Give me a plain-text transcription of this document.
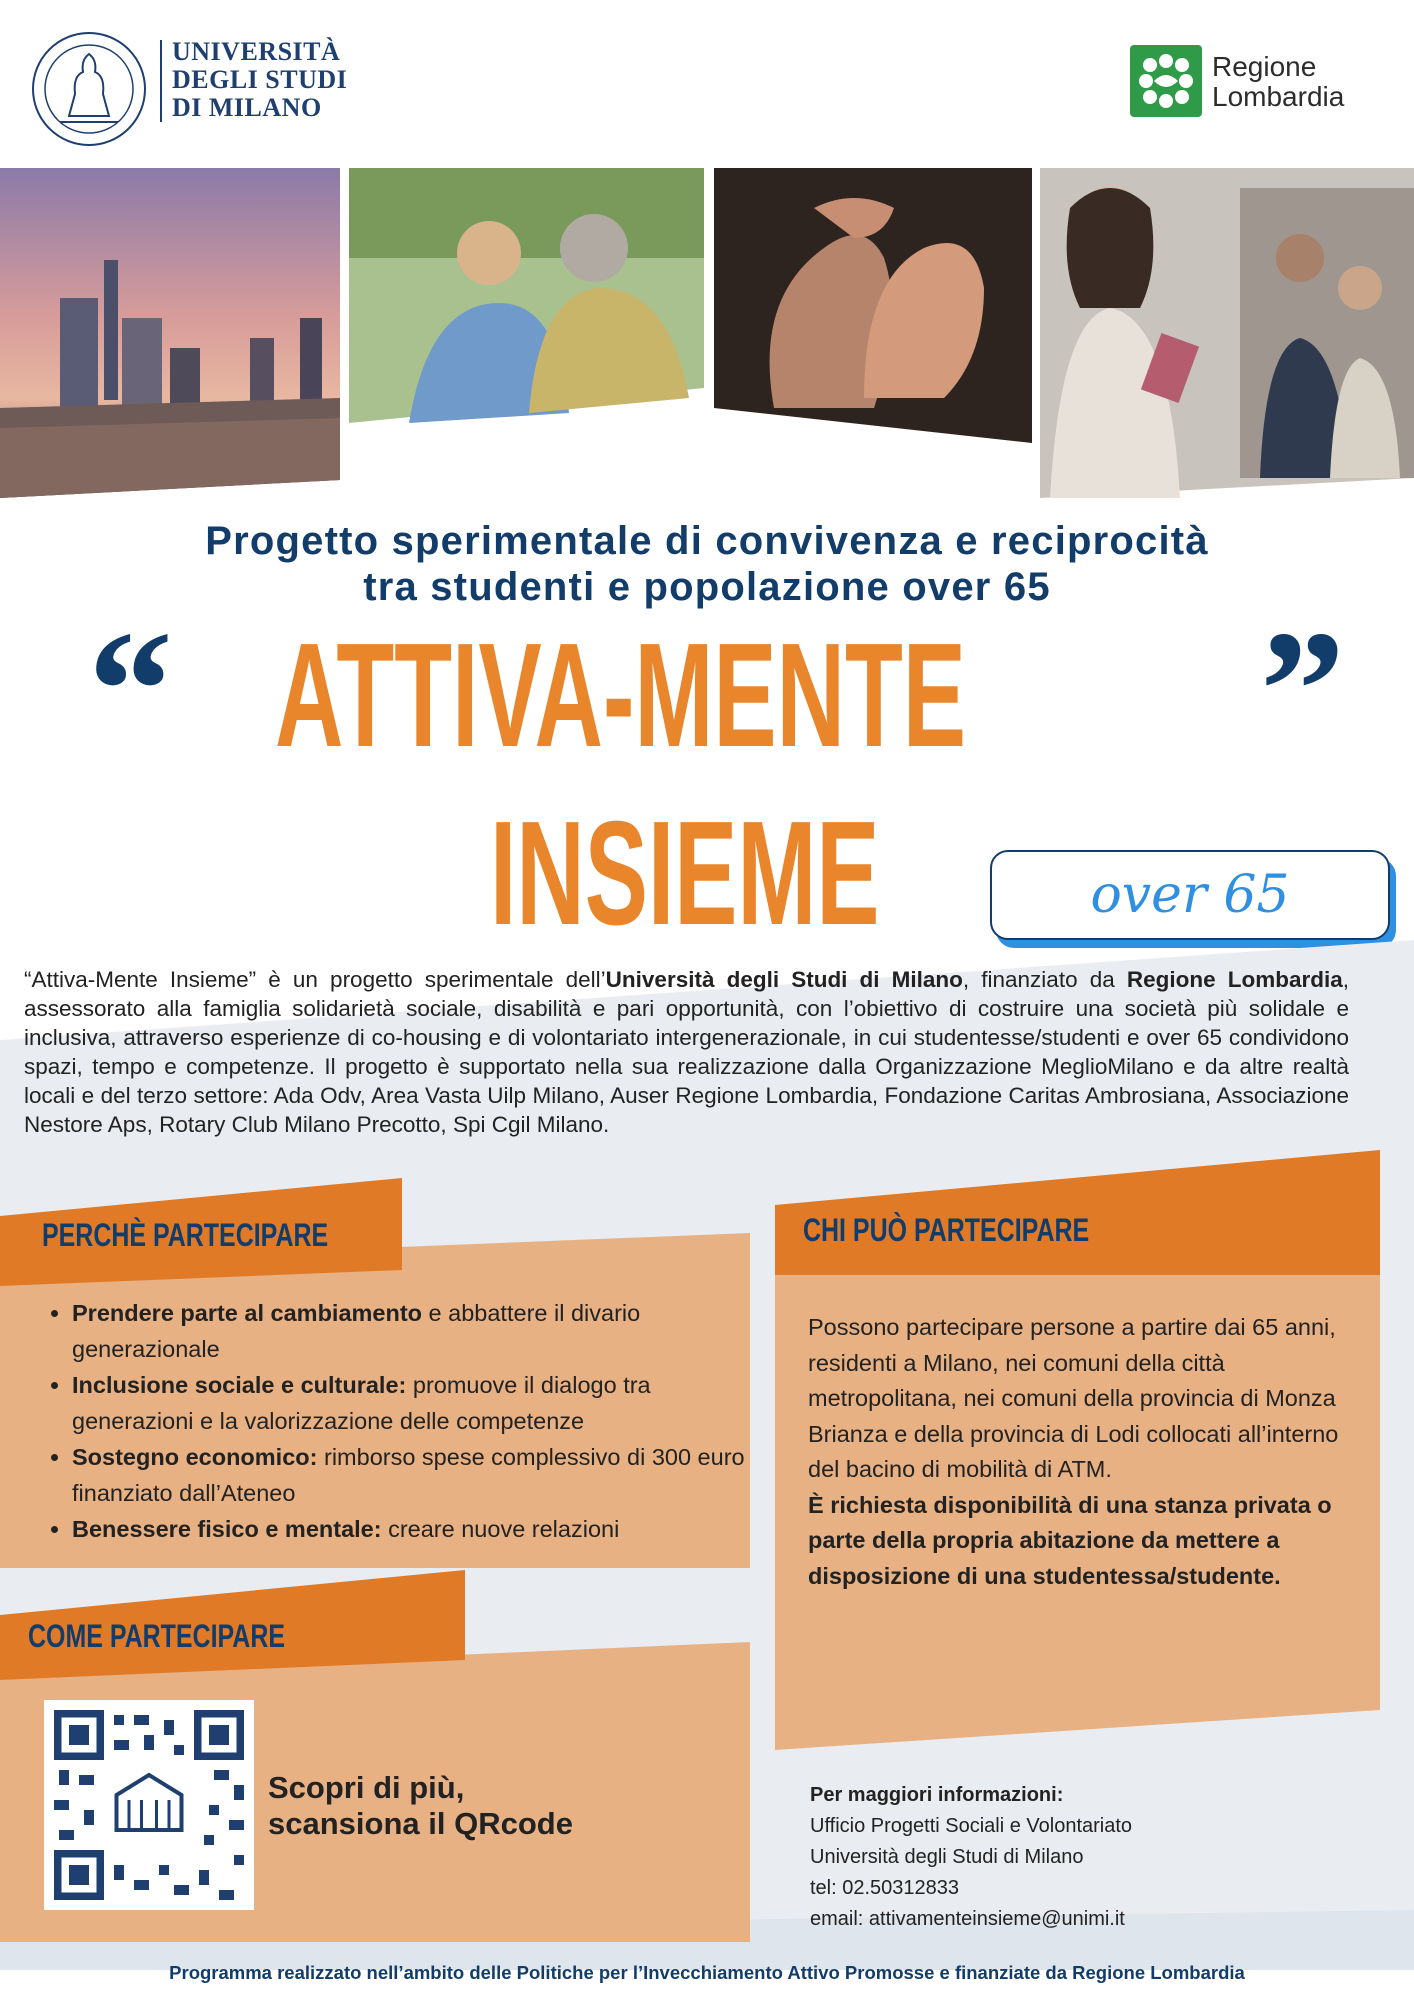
UNIVERSITÀ
DEGLI STUDI
DI MILANO
Regione
Lombardia
Progetto sperimentale di convivenza e reciprocità
tra studenti e popolazione over 65
“	”
ATTIVA-MENTE
INSIEME	over 65
“Attiva-Mente Insieme” è un progetto sperimentale dell’Università degli Studi di Milano, finanziato da Regione Lombardia, assessorato alla famiglia solidarietà sociale, disabilità e pari opportunità, con l’obiettivo di costruire una società più solidale e inclusiva, attraverso esperienze di co-housing e di volontariato intergenerazionale, in cui studentesse/studenti e over 65 condividono spazi, tempo e competenze. Il progetto è supportato nella sua realizzazione dalla Organizzazione MeglioMilano e da altre realtà locali e del terzo settore: Ada Odv, Area Vasta Uilp Milano, Auser Regione Lombardia, Fondazione Caritas Ambrosiana, Associazione Nestore Aps, Rotary Club Milano Precotto, Spi Cgil Milano.
PERCHÈ PARTECIPARE
• Prendere parte al cambiamento e abbattere il divario generazionale
• Inclusione sociale e culturale: promuove il dialogo tra generazioni e la valorizzazione delle competenze
• Sostegno economico: rimborso spese complessivo di 300 euro finanziato dall’Ateneo
• Benessere fisico e mentale: creare nuove relazioni
CHI PUÒ PARTECIPARE

Possono partecipare persone a partire dai 65 anni, residenti a Milano, nei comuni della città metropolitana, nei comuni della provincia di Monza Brianza e della provincia di Lodi collocati all’interno del bacino di mobilità di ATM.

È richiesta disponibilità di una stanza privata o parte della propria abitazione da mettere a disposizione di una studentessa/studente.

COME PARTECIPARE
Scopri di più,
scansiona il QRcode
Per maggiori informazioni:
Ufficio Progetti Sociali e Volontariato
Università degli Studi di Milano
tel: 02.50312833
email: attivamenteinsieme@unimi.it
Programma realizzato nell’ambito delle Politiche per l’Invecchiamento Attivo Promosse e finanziate da Regione Lombardia
